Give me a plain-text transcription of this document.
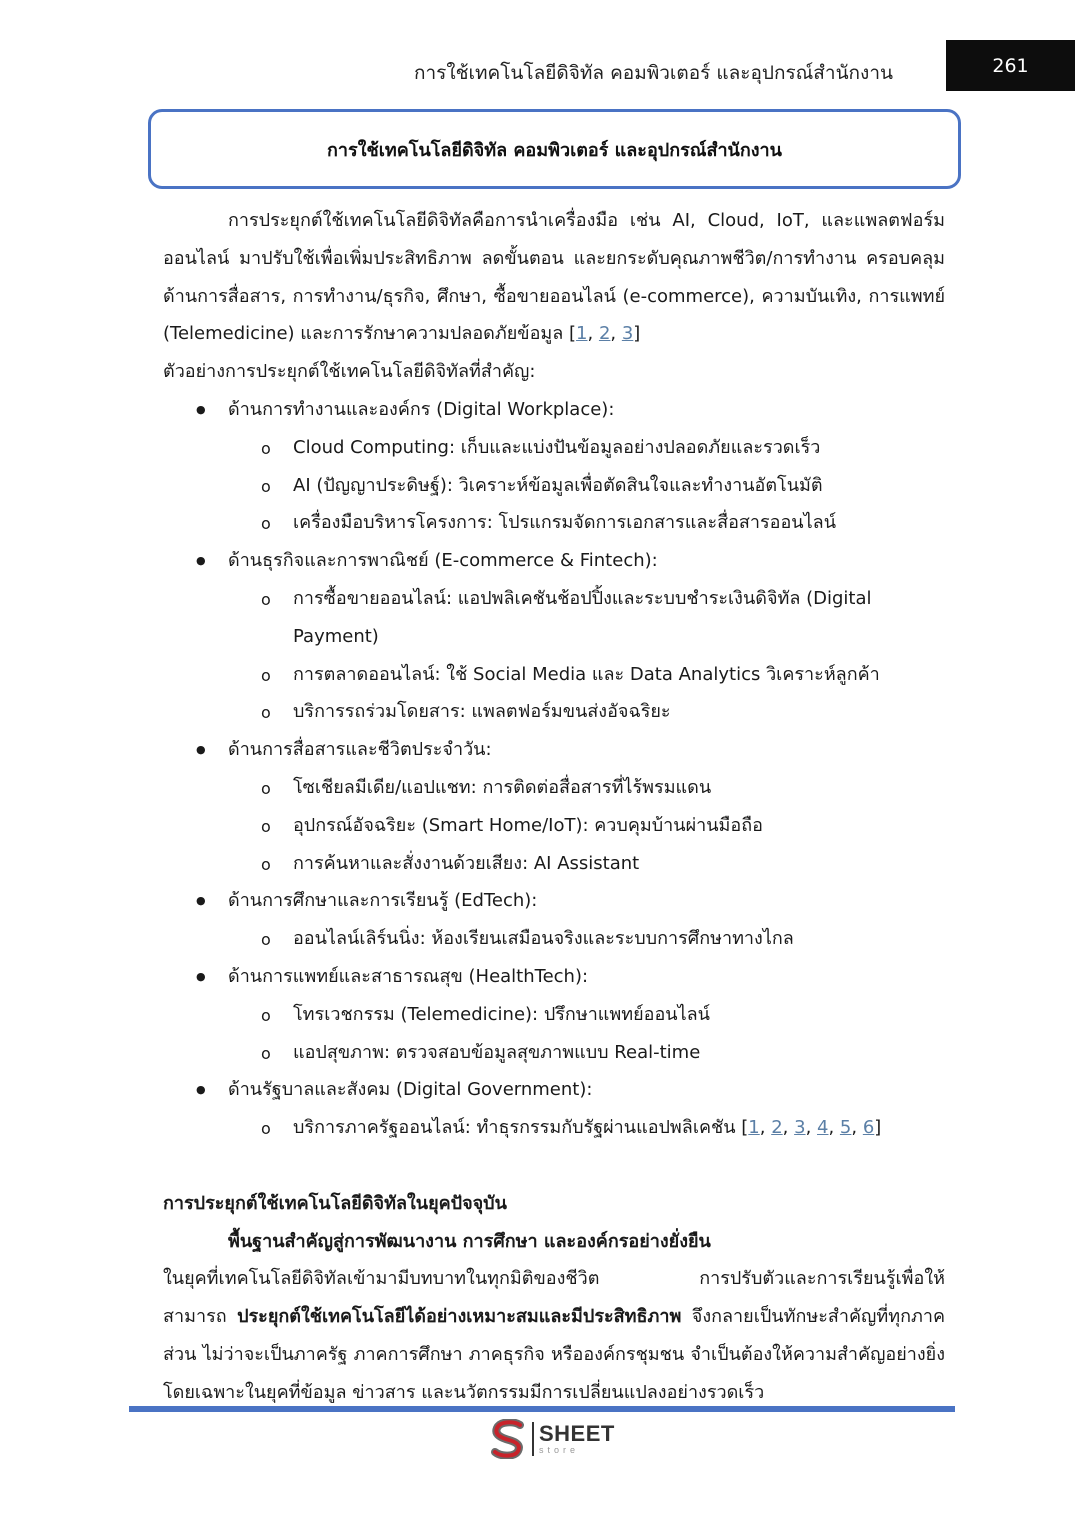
การใช้เทคโนโลยีดิจิทัล คอมพิวเตอร์ และอุปกรณ์สำนักงาน	261
การใช้เทคโนโลยีดิจิทัล คอมพิวเตอร์ และอุปกรณ์สำนักงาน

การประยุกต์ใช้เทคโนโลยีดิจิทัลคือการนำเครื่องมือ เช่น AI, Cloud, IoT, และแพลตฟอร์ม

ออนไลน์ มาปรับใช้เพื่อเพิ่มประสิทธิภาพ ลดขั้นตอน และยกระดับคุณภาพชีวิต/การทำงาน ครอบคลุม

ด้านการสื่อสาร, การทำงาน/ธุรกิจ, ศึกษา, ซื้อขายออนไลน์ (e-commerce), ความบันเทิง, การแพทย์

(Telemedicine) และการรักษาความปลอดภัยข้อมูล [1, 2, 3]

ตัวอย่างการประยุกต์ใช้เทคโนโลยีดิจิทัลที่สำคัญ:

● ด้านการทำงานและองค์กร (Digital Workplace):
o Cloud Computing: เก็บและแบ่งปันข้อมูลอย่างปลอดภัยและรวดเร็ว
o AI (ปัญญาประดิษฐ์): วิเคราะห์ข้อมูลเพื่อตัดสินใจและทำงานอัตโนมัติ
o เครื่องมือบริหารโครงการ: โปรแกรมจัดการเอกสารและสื่อสารออนไลน์
● ด้านธุรกิจและการพาณิชย์ (E-commerce & Fintech):
o การซื้อขายออนไลน์: แอปพลิเคชันช้อปปิ้งและระบบชำระเงินดิจิทัล (Digital Payment)
o การตลาดออนไลน์: ใช้ Social Media และ Data Analytics วิเคราะห์ลูกค้า
o บริการรถร่วมโดยสาร: แพลตฟอร์มขนส่งอัจฉริยะ
● ด้านการสื่อสารและชีวิตประจำวัน:
o โซเชียลมีเดีย/แอปแชท: การติดต่อสื่อสารที่ไร้พรมแดน
o อุปกรณ์อัจฉริยะ (Smart Home/IoT): ควบคุมบ้านผ่านมือถือ
o การค้นหาและสั่งงานด้วยเสียง: AI Assistant
● ด้านการศึกษาและการเรียนรู้ (EdTech):
o ออนไลน์เลิร์นนิ่ง: ห้องเรียนเสมือนจริงและระบบการศึกษาทางไกล
● ด้านการแพทย์และสาธารณสุข (HealthTech):
o โทรเวชกรรม (Telemedicine): ปรึกษาแพทย์ออนไลน์
o แอปสุขภาพ: ตรวจสอบข้อมูลสุขภาพแบบ Real-time
● ด้านรัฐบาลและสังคม (Digital Government):
o บริการภาครัฐออนไลน์: ทำธุรกรรมกับรัฐผ่านแอปพลิเคชัน [1, 2, 3, 4, 5, 6]

การประยุกต์ใช้เทคโนโลยีดิจิทัลในยุคปัจจุบัน

พื้นฐานสำคัญสู่การพัฒนางาน การศึกษา และองค์กรอย่างยั่งยืน

ในยุคที่เทคโนโลยีดิจิทัลเข้ามามีบทบาทในทุกมิติของชีวิต การปรับตัวและการเรียนรู้เพื่อให้

สามารถ ประยุกต์ใช้เทคโนโลยีได้อย่างเหมาะสมและมีประสิทธิภาพ จึงกลายเป็นทักษะสำคัญที่ทุกภาค

ส่วน ไม่ว่าจะเป็นภาครัฐ ภาคการศึกษา ภาคธุรกิจ หรือองค์กรชุมชน จำเป็นต้องให้ความสำคัญอย่างยิ่ง

โดยเฉพาะในยุคที่ข้อมูล ข่าวสาร และนวัตกรรมมีการเปลี่ยนแปลงอย่างรวดเร็ว

SHEET
store
